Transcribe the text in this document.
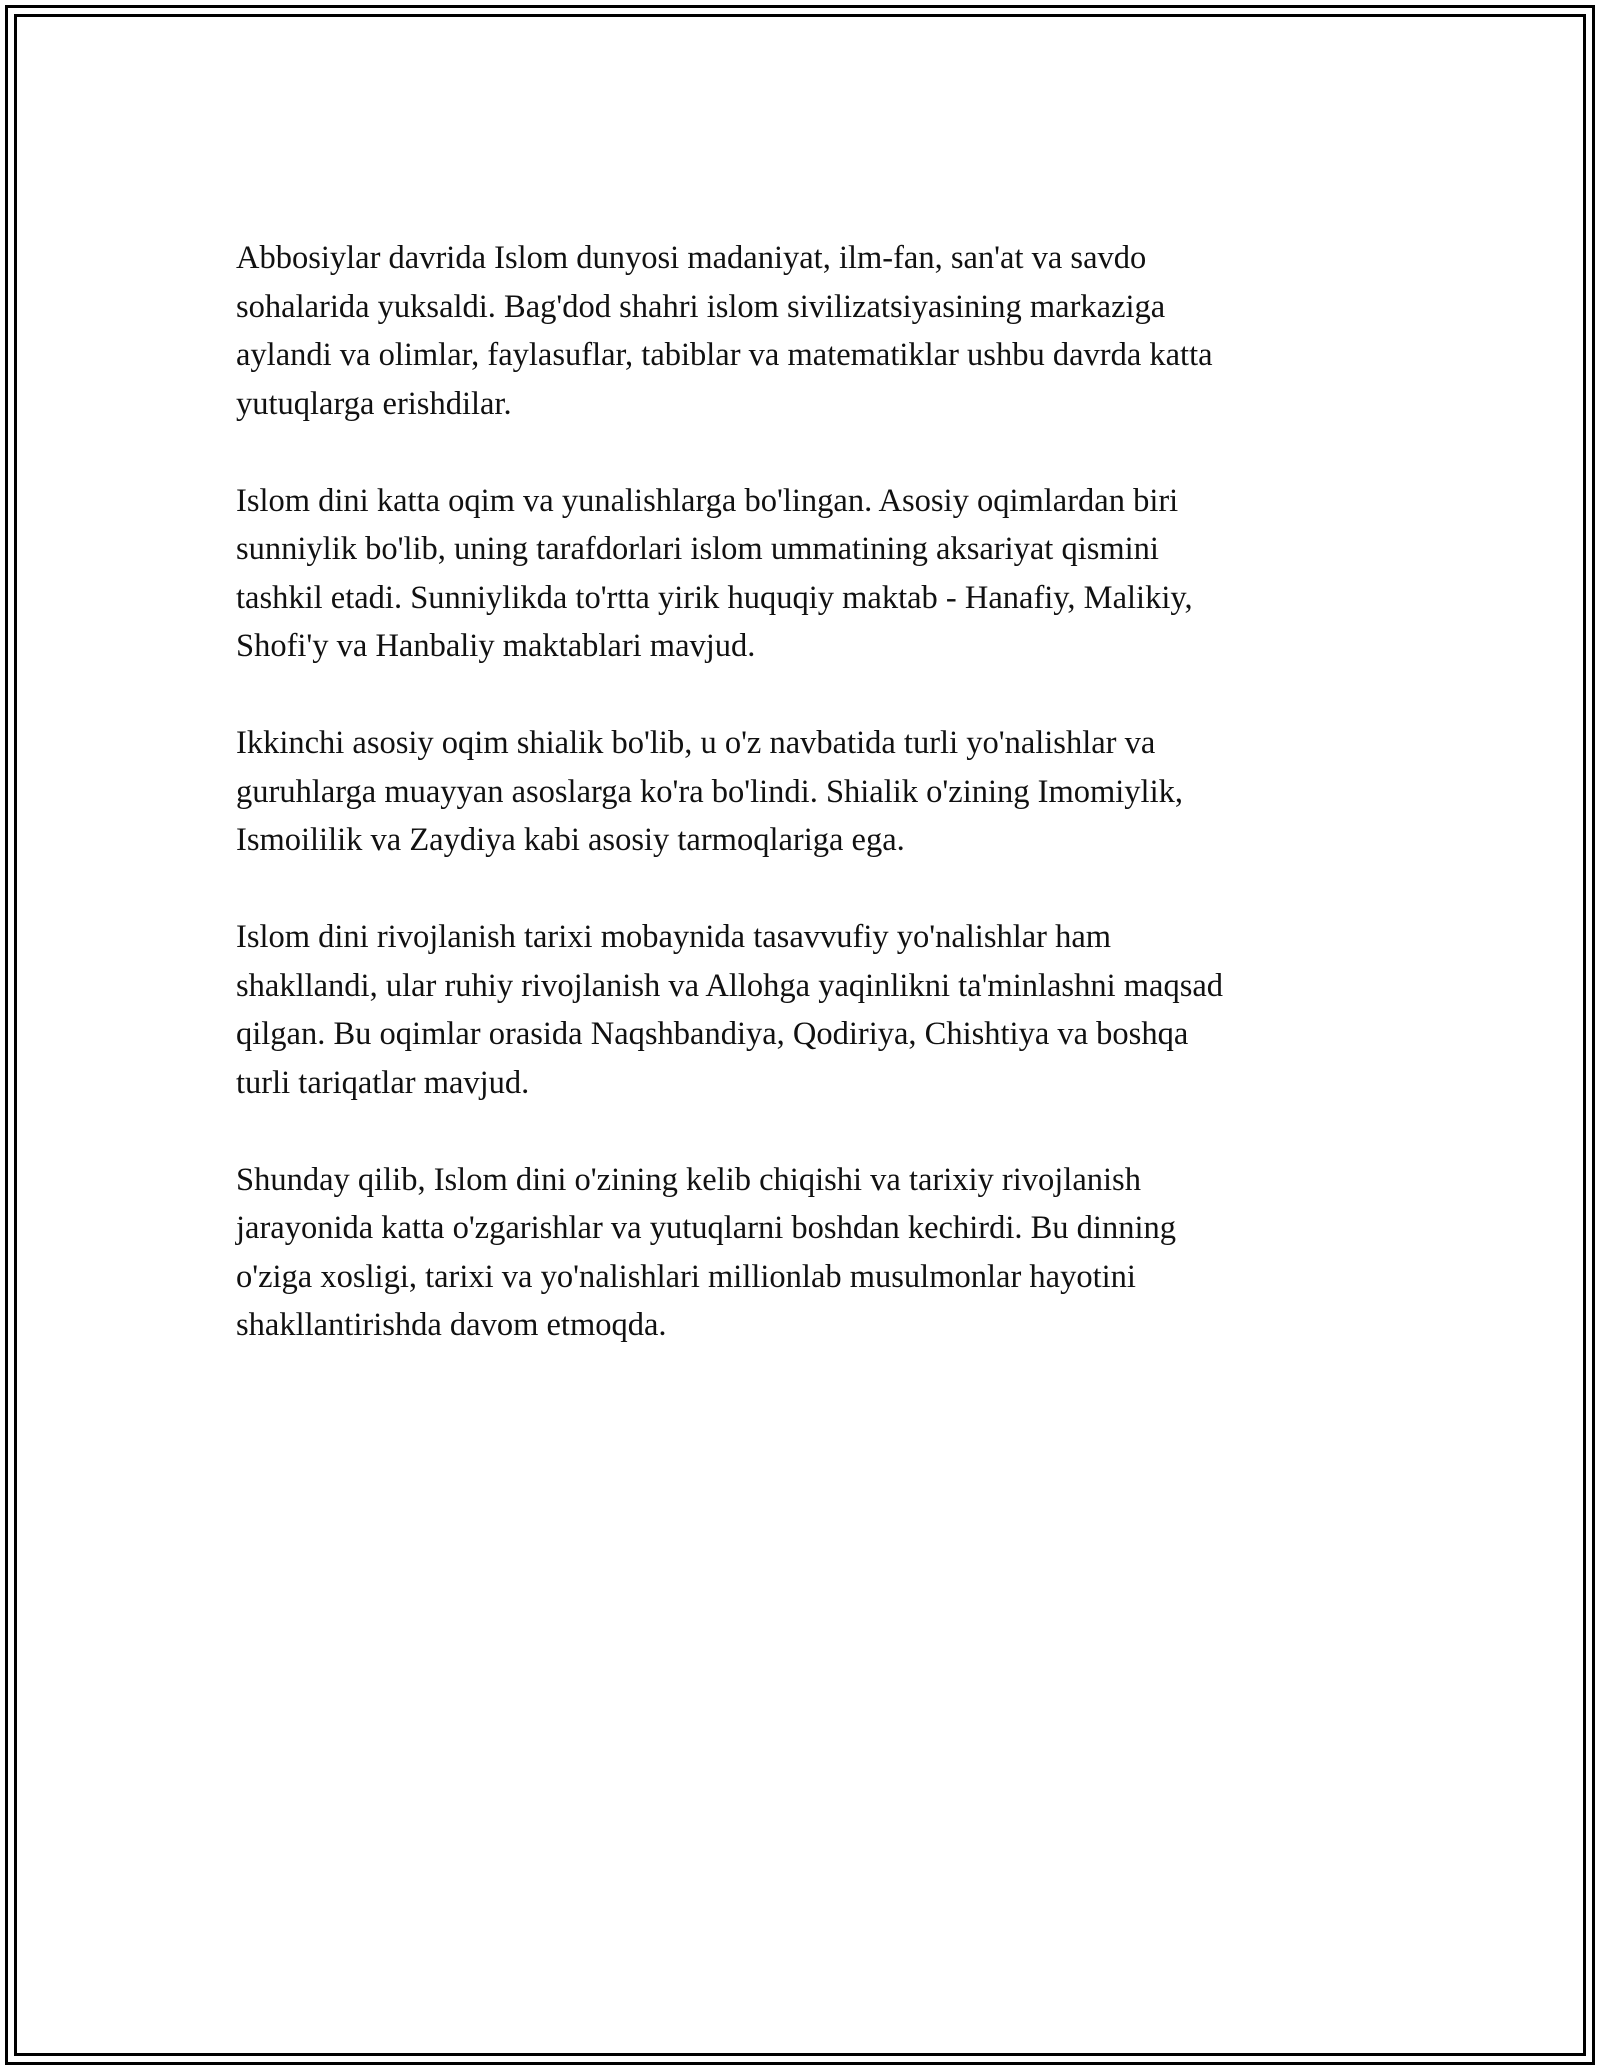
Abbosiylar davrida Islom dunyosi madaniyat, ilm-fan, san'at va savdo
sohalarida yuksaldi. Bag'dod shahri islom sivilizatsiyasining markaziga
aylandi va olimlar, faylasuflar, tabiblar va matematiklar ushbu davrda katta
yutuqlarga erishdilar.

Islom dini katta oqim va yunalishlarga bo'lingan. Asosiy oqimlardan biri
sunniylik bo'lib, uning tarafdorlari islom ummatining aksariyat qismini
tashkil etadi. Sunniylikda to'rtta yirik huquqiy maktab - Hanafiy, Malikiy,
Shofi'y va Hanbaliy maktablari mavjud.

Ikkinchi asosiy oqim shialik bo'lib, u o'z navbatida turli yo'nalishlar va
guruhlarga muayyan asoslarga ko'ra bo'lindi. Shialik o'zining Imomiylik,
Ismoililik va Zaydiya kabi asosiy tarmoqlariga ega.

Islom dini rivojlanish tarixi mobaynida tasavvufiy yo'nalishlar ham
shakllandi, ular ruhiy rivojlanish va Allohga yaqinlikni ta'minlashni maqsad
qilgan. Bu oqimlar orasida Naqshbandiya, Qodiriya, Chishtiya va boshqa
turli tariqatlar mavjud.

Shunday qilib, Islom dini o'zining kelib chiqishi va tarixiy rivojlanish
jarayonida katta o'zgarishlar va yutuqlarni boshdan kechirdi. Bu dinning
o'ziga xosligi, tarixi va yo'nalishlari millionlab musulmonlar hayotini
shakllantirishda davom etmoqda.
